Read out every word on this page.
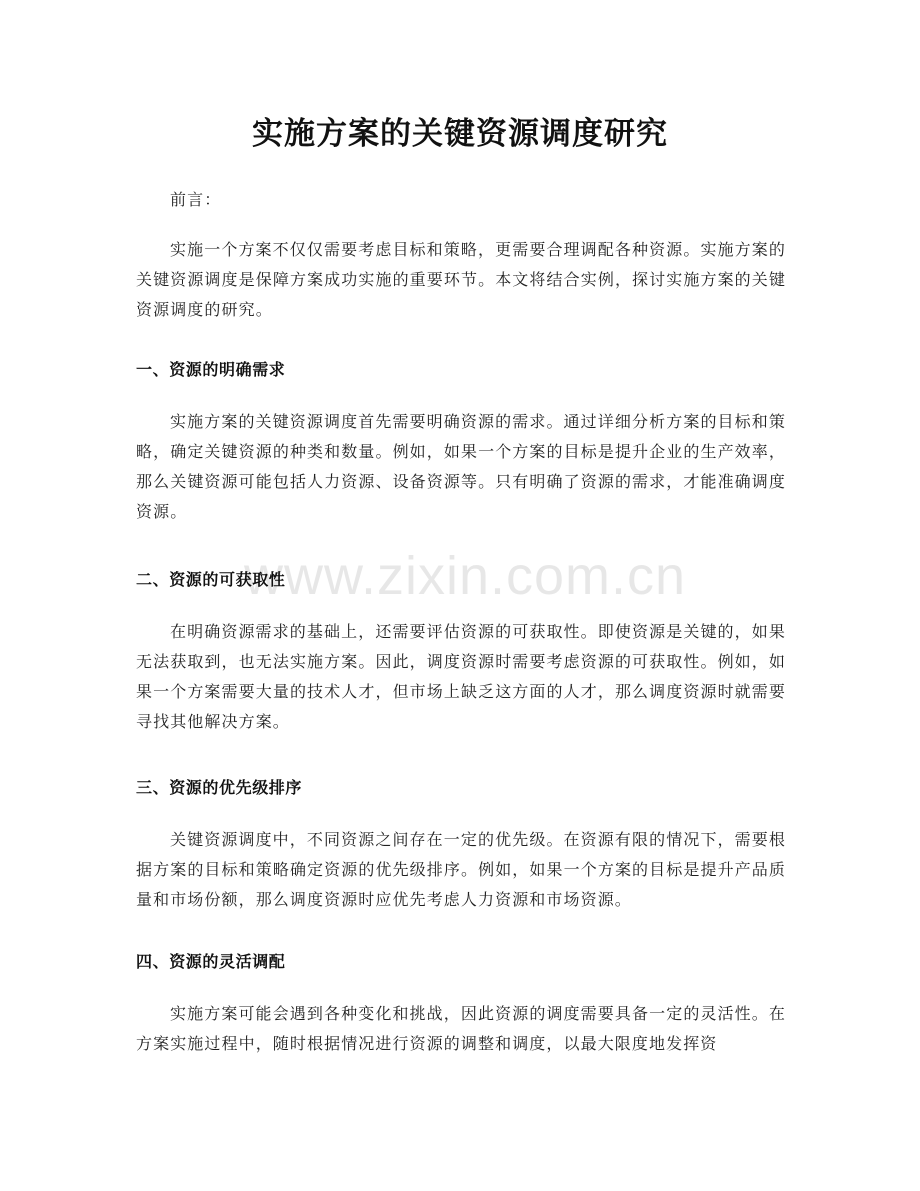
实施方案的关键资源调度研究
前言：
实施一个方案不仅仅需要考虑目标和策略，更需要合理调配各种资源。实施方案的关键资源调度是保障方案成功实施的重要环节。本文将结合实例，探讨实施方案的关键资源调度的研究。
一、资源的明确需求
实施方案的关键资源调度首先需要明确资源的需求。通过详细分析方案的目标和策略，确定关键资源的种类和数量。例如，如果一个方案的目标是提升企业的生产效率，那么关键资源可能包括人力资源、设备资源等。只有明确了资源的需求，才能准确调度资源。
二、资源的可获取性
在明确资源需求的基础上，还需要评估资源的可获取性。即使资源是关键的，如果无法获取到，也无法实施方案。因此，调度资源时需要考虑资源的可获取性。例如，如果一个方案需要大量的技术人才，但市场上缺乏这方面的人才，那么调度资源时就需要寻找其他解决方案。
三、资源的优先级排序
关键资源调度中，不同资源之间存在一定的优先级。在资源有限的情况下，需要根据方案的目标和策略确定资源的优先级排序。例如，如果一个方案的目标是提升产品质量和市场份额，那么调度资源时应优先考虑人力资源和市场资源。
四、资源的灵活调配
实施方案可能会遇到各种变化和挑战，因此资源的调度需要具备一定的灵活性。在方案实施过程中，随时根据情况进行资源的调整和调度，以最大限度地发挥资
www.zixin.com.cn
